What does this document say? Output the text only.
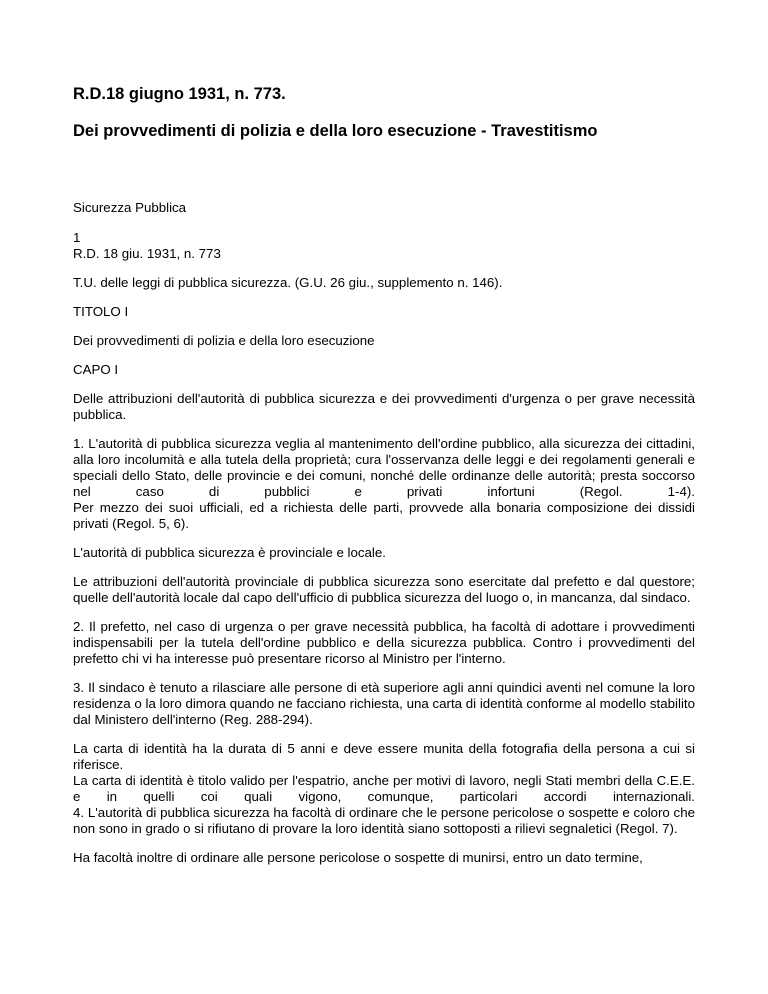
R.D.18 giugno 1931, n. 773.
Dei provvedimenti di polizia e della loro esecuzione - Travestitismo

Sicurezza Pubblica

1
R.D. 18 giu. 1931, n. 773

T.U. delle leggi di pubblica sicurezza. (G.U. 26 giu., supplemento n. 146).

TITOLO I

Dei provvedimenti di polizia e della loro esecuzione

CAPO I

Delle attribuzioni dell'autorità di pubblica sicurezza e dei provvedimenti d'urgenza o per grave necessità pubblica.

1. L'autorità di pubblica sicurezza veglia al mantenimento dell'ordine pubblico, alla sicurezza dei cittadini, alla loro incolumità e alla tutela della proprietà; cura l'osservanza delle leggi e dei regolamenti generali e speciali dello Stato, delle provincie e dei comuni, nonché delle ordinanze delle autorità; presta soccorso nel caso di pubblici e privati infortuni (Regol. 1-4).
Per mezzo dei suoi ufficiali, ed a richiesta delle parti, provvede alla bonaria composizione dei dissidi privati (Regol. 5, 6).

L'autorità di pubblica sicurezza è provinciale e locale.

Le attribuzioni dell'autorità provinciale di pubblica sicurezza sono esercitate dal prefetto e dal questore; quelle dell'autorità locale dal capo dell'ufficio di pubblica sicurezza del luogo o, in mancanza, dal sindaco.

2. Il prefetto, nel caso di urgenza o per grave necessità pubblica, ha facoltà di adottare i provvedimenti indispensabili per la tutela dell'ordine pubblico e della sicurezza pubblica. Contro i provvedimenti del prefetto chi vi ha interesse può presentare ricorso al Ministro per l'interno.

3. Il sindaco è tenuto a rilasciare alle persone di età superiore agli anni quindici aventi nel comune la loro residenza o la loro dimora quando ne facciano richiesta, una carta di identità conforme al modello stabilito dal Ministero dell'interno (Reg. 288-294).

La carta di identità ha la durata di 5 anni e deve essere munita della fotografia della persona a cui si riferisce.
La carta di identità è titolo valido per l'espatrio, anche per motivi di lavoro, negli Stati membri della C.E.E. e in quelli coi quali vigono, comunque, particolari accordi internazionali.
4. L'autorità di pubblica sicurezza ha facoltà di ordinare che le persone pericolose o sospette e coloro che non sono in grado o si rifiutano di provare la loro identità siano sottoposti a rilievi segnaletici (Regol. 7).

Ha facoltà inoltre di ordinare alle persone pericolose o sospette di munirsi, entro un dato termine,
